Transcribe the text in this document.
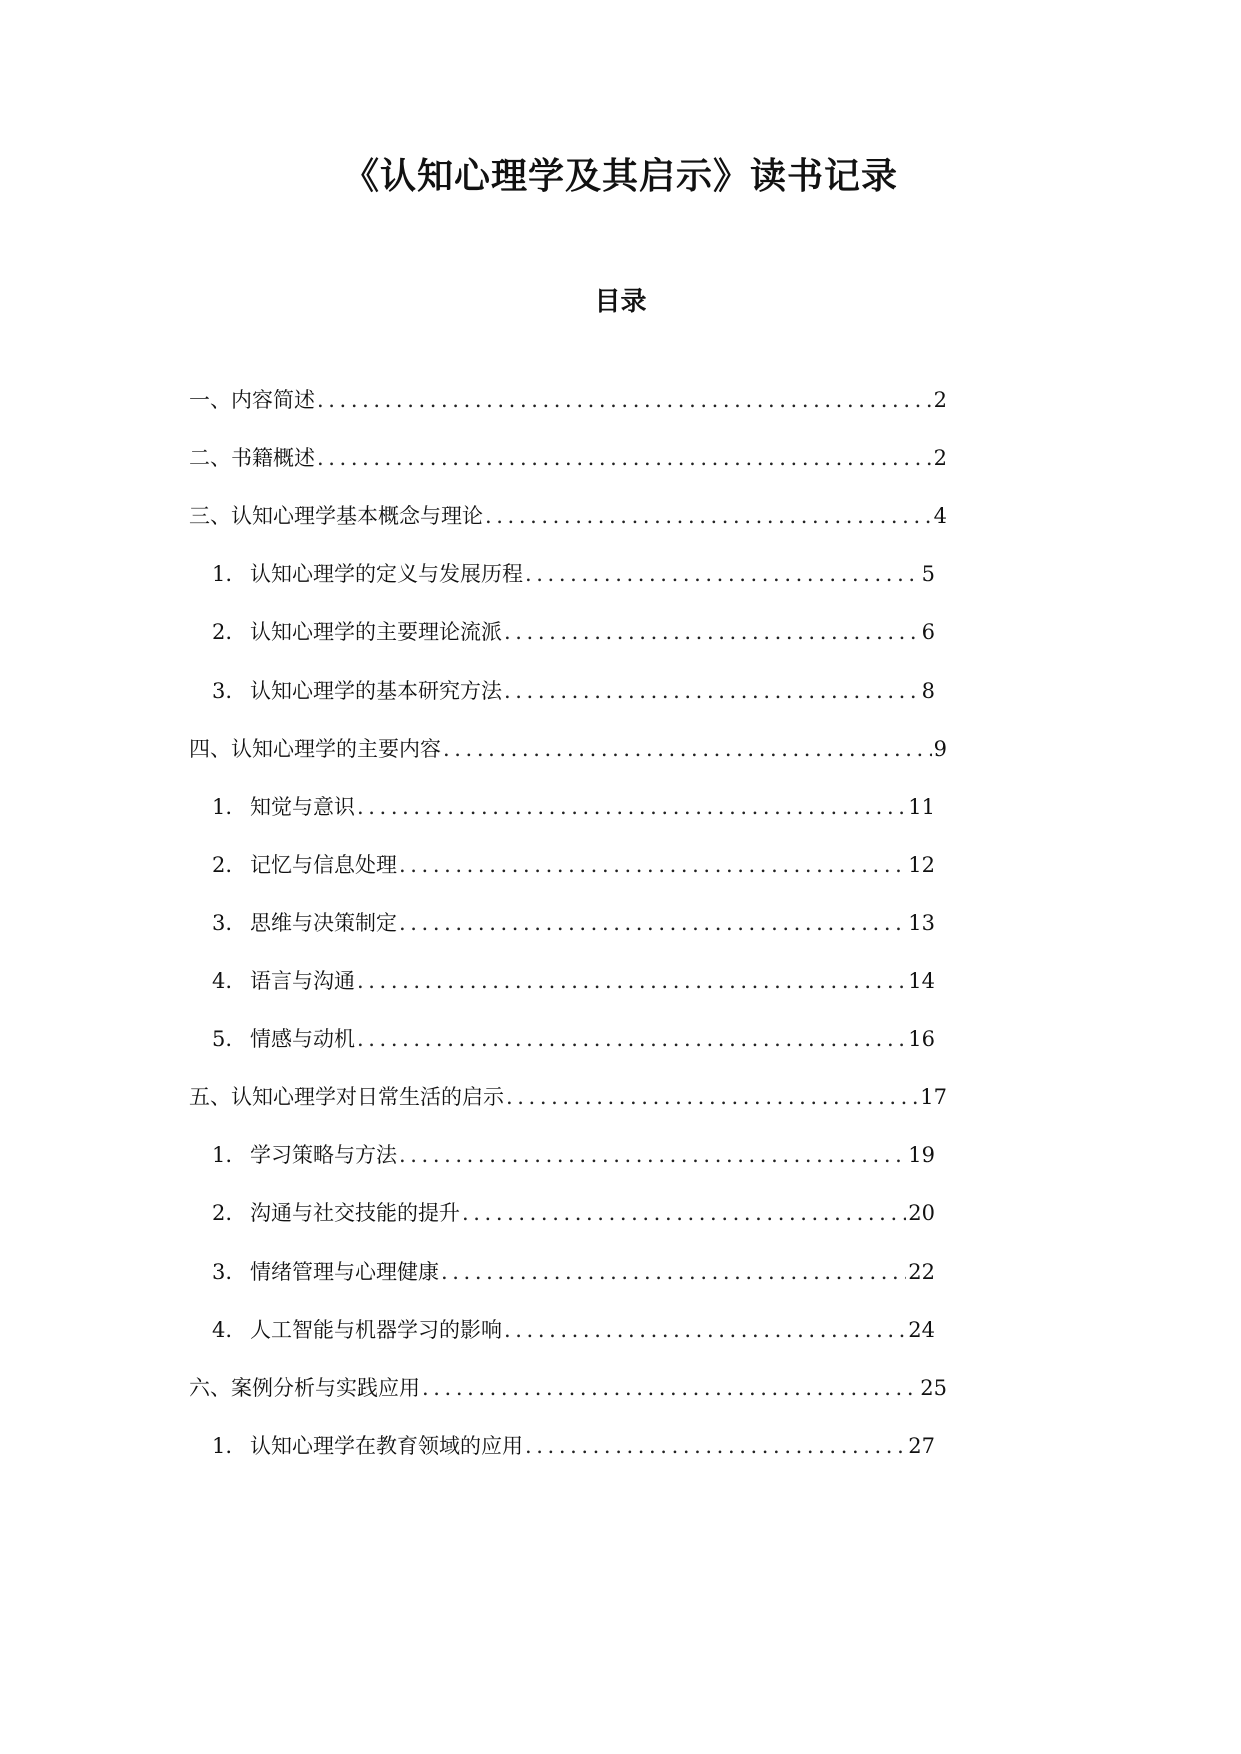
《认知心理学及其启示》读书记录
目录
一、内容简述 .....	2
二、书籍概述 .....	2
三、认知心理学基本概念与理论 .....	4
1. 认知心理学的定义与发展历程 .....	5
2. 认知心理学的主要理论流派 .....	6
3. 认知心理学的基本研究方法 .....	8
四、认知心理学的主要内容 .....	9
1. 知觉与意识 .....	11
2. 记忆与信息处理 .....	12
3. 思维与决策制定 .....	13
4. 语言与沟通 .....	14
5. 情感与动机 .....	16
五、认知心理学对日常生活的启示 .....	17
1. 学习策略与方法 .....	19
2. 沟通与社交技能的提升 .....	20
3. 情绪管理与心理健康 .....	22
4. 人工智能与机器学习的影响 .....	24
六、案例分析与实践应用 .....	25
1. 认知心理学在教育领域的应用 .....	27
